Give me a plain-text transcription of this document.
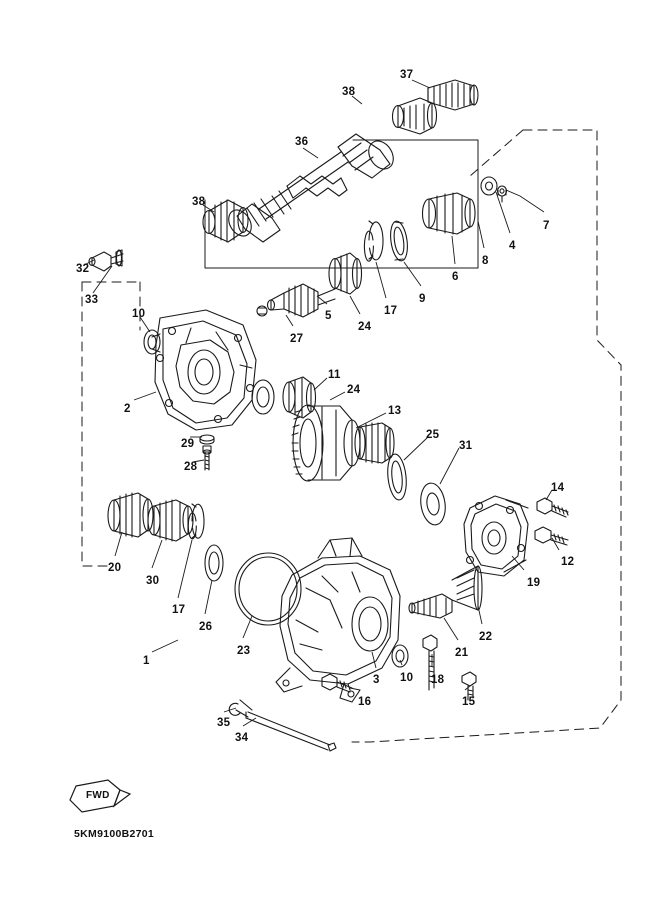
37
38
36
38
7
4
8
6
9
17
24
5
27
32
33
10
2
11
24
13
25
31
14
29
28
12
19
20
30
17
26
23
1
22
21
3 10 18
15
16
35
34
FWD
5KM9100B2701
